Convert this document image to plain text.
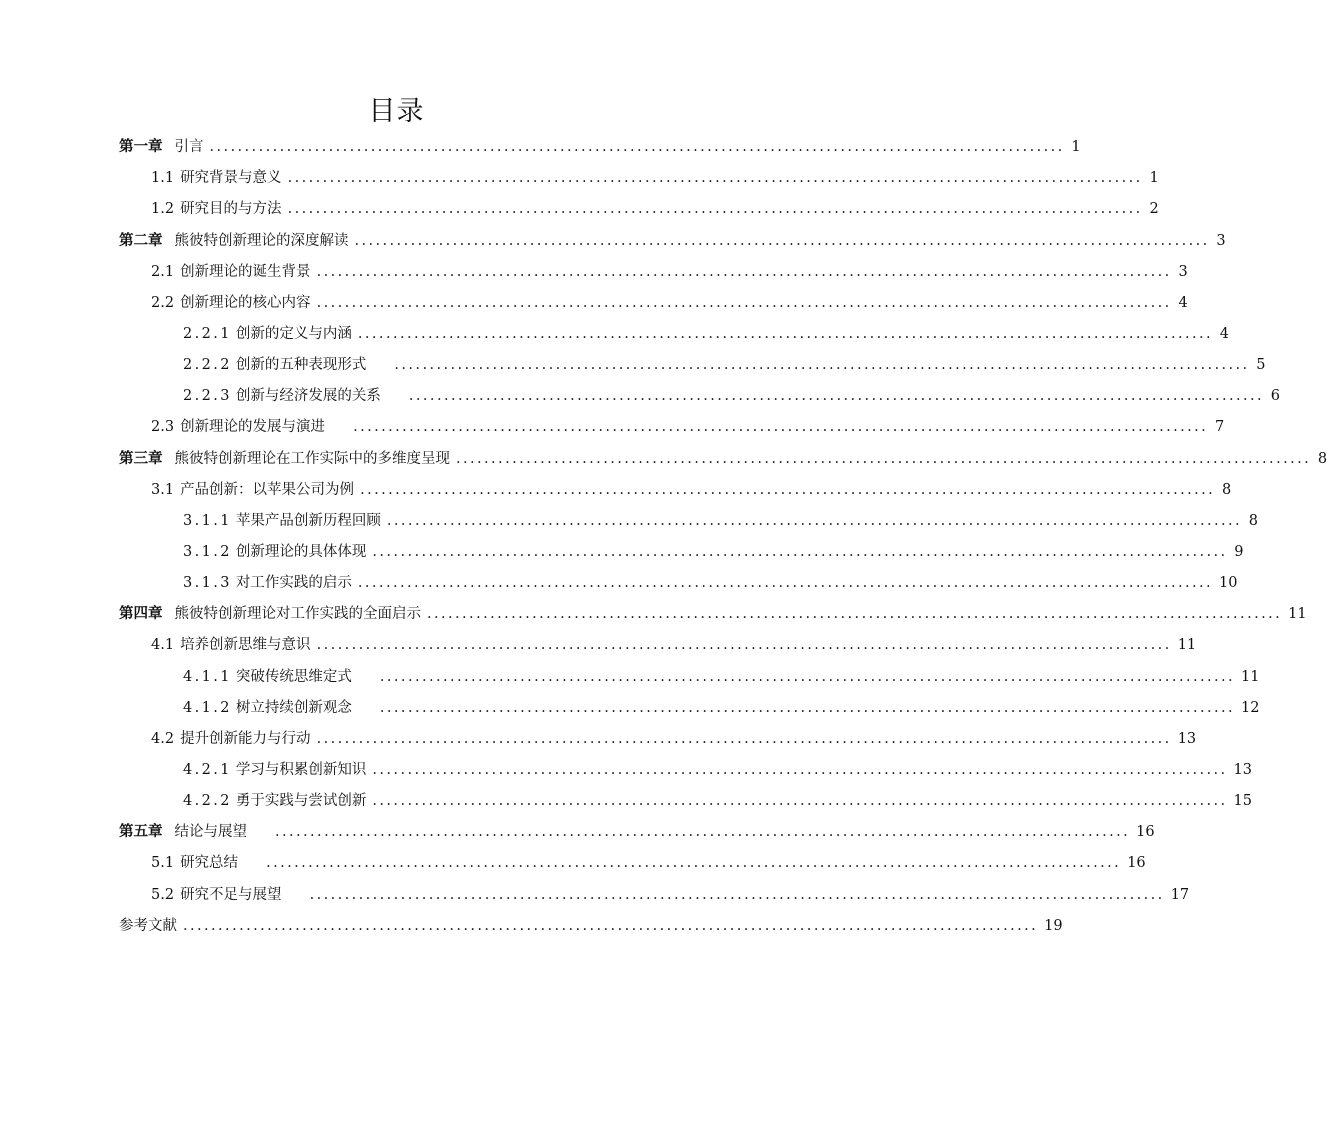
目录
第一章 引言 .......................................................................................................................... 1
1.1 研究背景与意义 .......................................................................................................................... 1
1.2 研究目的与方法 .......................................................................................................................... 2
第二章 熊彼特创新理论的深度解读 .......................................................................................................................... 3
2.1 创新理论的诞生背景 .......................................................................................................................... 3
2.2 创新理论的核心内容 .......................................................................................................................... 4
2.2.1 创新的定义与内涵 .......................................................................................................................... 4
2.2.2 创新的五种表现形式 .......................................................................................................................... 5
2.2.3 创新与经济发展的关系 .......................................................................................................................... 6
2.3 创新理论的发展与演进 .......................................................................................................................... 7
第三章 熊彼特创新理论在工作实际中的多维度呈现 .......................................................................................................................... 8
3.1 产品创新：以苹果公司为例 .......................................................................................................................... 8
3.1.1 苹果产品创新历程回顾 .......................................................................................................................... 8
3.1.2 创新理论的具体体现 .......................................................................................................................... 9
3.1.3 对工作实践的启示 .......................................................................................................................... 10
第四章 熊彼特创新理论对工作实践的全面启示 .......................................................................................................................... 11
4.1 培养创新思维与意识 .......................................................................................................................... 11
4.1.1 突破传统思维定式 .......................................................................................................................... 11
4.1.2 树立持续创新观念 .......................................................................................................................... 12
4.2 提升创新能力与行动 .......................................................................................................................... 13
4.2.1 学习与积累创新知识 .......................................................................................................................... 13
4.2.2 勇于实践与尝试创新 .......................................................................................................................... 15
第五章 结论与展望 .......................................................................................................................... 16
5.1 研究总结 .......................................................................................................................... 16
5.2 研究不足与展望 .......................................................................................................................... 17
参考文献 .......................................................................................................................... 19
